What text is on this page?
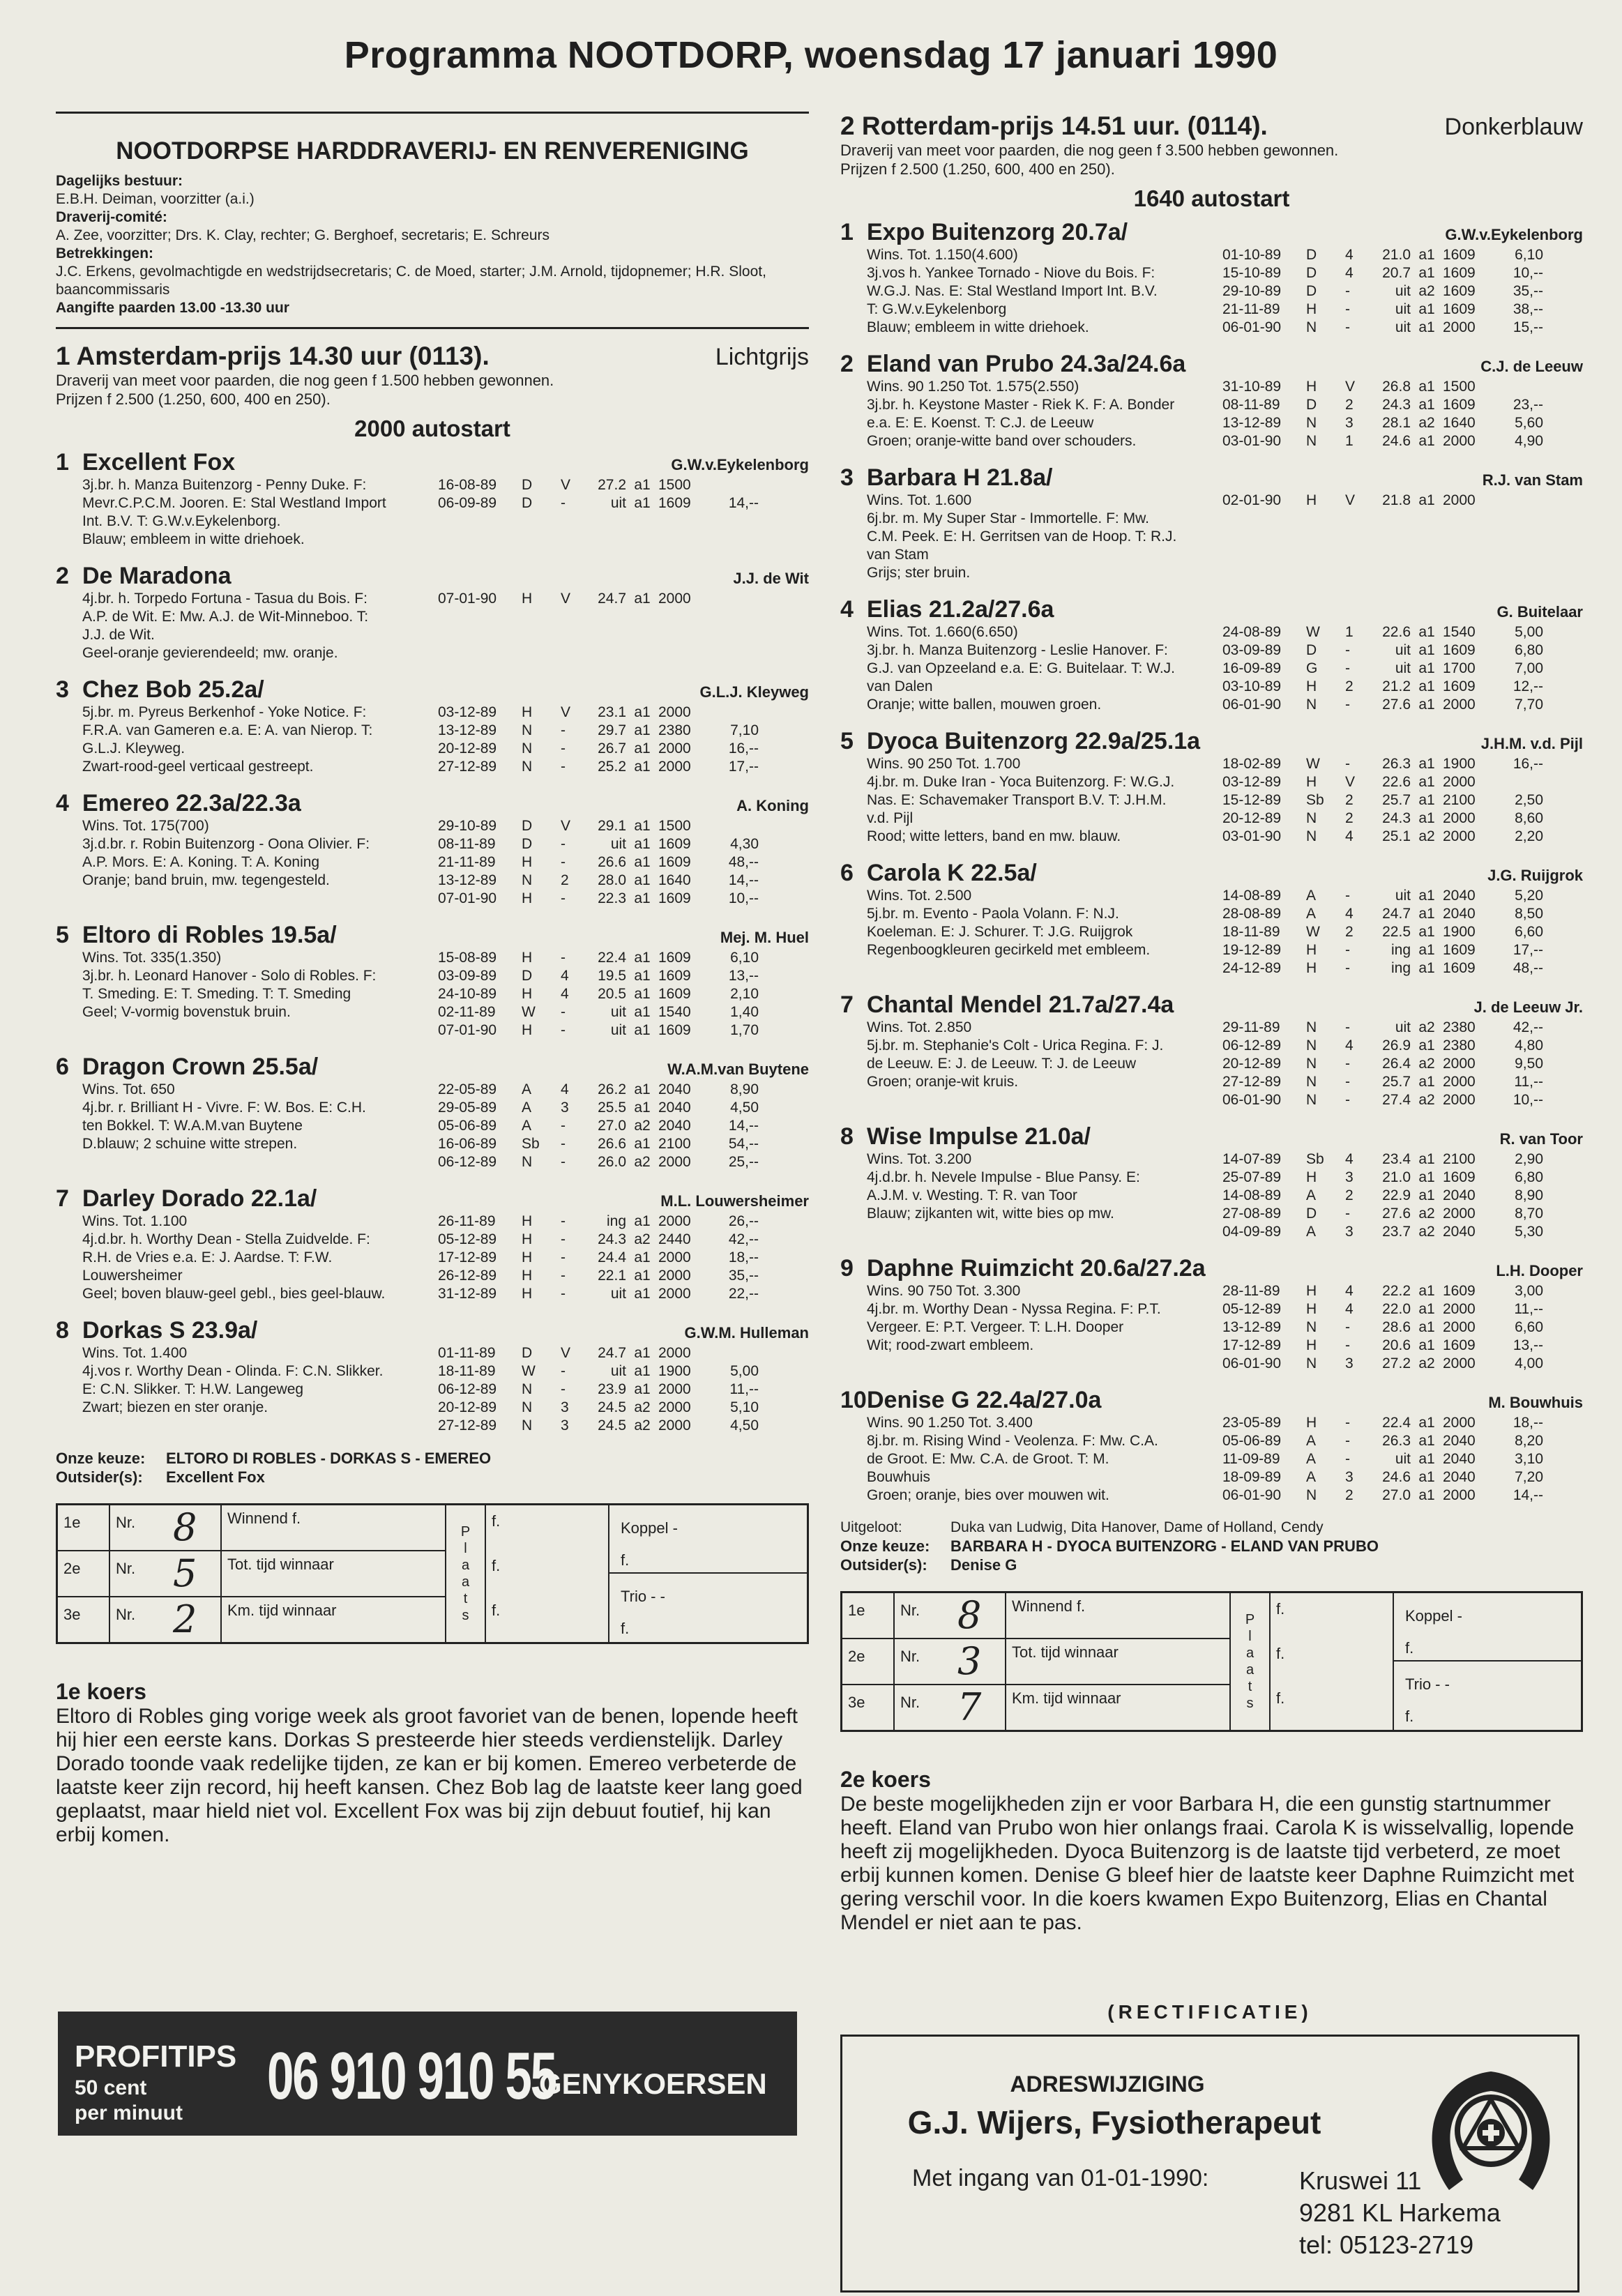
Programma NOOTDORP, woensdag 17 januari 1990
NOOTDORPSE HARDDRAVERIJ- EN RENVERENIGING
Dagelijks bestuur:
E.B.H. Deiman, voorzitter (a.i.)
Draverij-comité:
A. Zee, voorzitter; Drs. K. Clay, rechter; G. Berghoef, secretaris; E. Schreurs
Betrekkingen:
J.C. Erkens, gevolmachtigde en wedstrijdsecretaris; C. de Moed, starter; J.M. Arnold, tijdopnemer; H.R. Sloot, baancommissaris
Aangifte paarden 13.00 -13.30 uur
1 Amsterdam-prijs 14.30 uur (0113).	Lichtgrijs
Draverij van meet voor paarden, die nog geen f 1.500 hebben gewonnen.
Prijzen f 2.500 (1.250, 600, 400 en 250).
2000 autostart
1 Excellent Fox	G.W.v.Eykelenborg
3j.br. h. Manza Buitenzorg - Penny Duke. F:
Mevr.C.P.C.M. Jooren. E: Stal Westland Import
Int. B.V. T: G.W.v.Eykelenborg.
Blauw; embleem in witte driehoek.
16-08-89	D	V	27.2 a1 1500
06-09-89	D	-	uit a1 1609	14,--
2 De Maradona	J.J. de Wit
4j.br. h. Torpedo Fortuna - Tasua du Bois. F:
A.P. de Wit. E: Mw. A.J. de Wit-Minneboo. T:
J.J. de Wit.
Geel-oranje gevierendeeld; mw. oranje.
07-01-90	H	V	24.7 a1 2000
3 Chez Bob 25.2a/	G.L.J. Kleyweg
5j.br. m. Pyreus Berkenhof - Yoke Notice. F:
F.R.A. van Gameren e.a. E: A. van Nierop. T:
G.L.J. Kleyweg.
Zwart-rood-geel verticaal gestreept.
03-12-89	H	V	23.1 a1 2000
13-12-89	N	-	29.7 a1 2380	7,10
20-12-89	N	-	26.7 a1 2000	16,--
27-12-89	N	-	25.2 a1 2000	17,--
4 Emereo 22.3a/22.3a	A. Koning
Wins. Tot. 175(700)
3j.d.br. r. Robin Buitenzorg - Oona Olivier. F:
A.P. Mors. E: A. Koning. T: A. Koning
Oranje; band bruin, mw. tegengesteld.
29-10-89	D	V	29.1 a1 1500
08-11-89	D	-	uit a1 1609	4,30
21-11-89	H	-	26.6 a1 1609	48,--
13-12-89	N	2	28.0 a1 1640	14,--
07-01-90	H	-	22.3 a1 1609	10,--
5 Eltoro di Robles 19.5a/	Mej. M. Huel
Wins. Tot. 335(1.350)
3j.br. h. Leonard Hanover - Solo di Robles. F:
T. Smeding. E: T. Smeding. T: T. Smeding
Geel; V-vormig bovenstuk bruin.
15-08-89	H	-	22.4 a1 1609	6,10
03-09-89	D	4	19.5 a1 1609	13,--
24-10-89	H	4	20.5 a1 1609	2,10
02-11-89	W	-	uit a1 1540	1,40
07-01-90	H	-	uit a1 1609	1,70
6 Dragon Crown 25.5a/	W.A.M.van Buytene
Wins. Tot. 650
4j.br. r. Brilliant H - Vivre. F: W. Bos. E: C.H.
ten Bokkel. T: W.A.M.van Buytene
D.blauw; 2 schuine witte strepen.
22-05-89	A	4	26.2 a1 2040	8,90
29-05-89	A	3	25.5 a1 2040	4,50
05-06-89	A	-	27.0 a2 2040	14,--
16-06-89	Sb	-	26.6 a1 2100	54,--
06-12-89	N	-	26.0 a2 2000	25,--
7 Darley Dorado 22.1a/	M.L. Louwersheimer
Wins. Tot. 1.100
4j.d.br. h. Worthy Dean - Stella Zuidvelde. F:
R.H. de Vries e.a. E: J. Aardse. T: F.W.
Louwersheimer
Geel; boven blauw-geel gebl., bies geel-blauw.
26-11-89	H	-	ing a1 2000	26,--
05-12-89	H	-	24.3 a2 2440	42,--
17-12-89	H	-	24.4 a1 2000	18,--
26-12-89	H	-	22.1 a1 2000	35,--
31-12-89	H	-	uit a1 2000	22,--
8 Dorkas S 23.9a/	G.W.M. Hulleman
Wins. Tot. 1.400
4j.vos r. Worthy Dean - Olinda. F: C.N. Slikker.
E: C.N. Slikker. T: H.W. Langeweg
Zwart; biezen en ster oranje.
01-11-89	D	V	24.7 a1 2000
18-11-89	W	-	uit a1 1900	5,00
06-12-89	N	-	23.9 a1 2000	11,--
20-12-89	N	3	24.5 a2 2000	5,10
27-12-89	N	3	24.5 a2 2000	4,50
Onze keuze: ELTORO DI ROBLES - DORKAS S - EMEREO
Outsider(s): Excellent Fox
1e	Nr. 8	Winnend f.
2e	Nr. 5	Tot. tijd winnaar
3e	Nr. 2	Km. tijd winnaar
P
l
a
a
t
s
f.
f.
f.
Koppel -
f.
Trio - -
f.
1e koers

Eltoro di Robles ging vorige week als groot favoriet van de benen, lopende heeft hij hier een eerste kans. Dorkas S presteerde hier steeds verdienstelijk. Darley Dorado toonde vaak redelijke tijden, ze kan er bij komen. Emereo verbeterde de laatste keer zijn record, hij heeft kansen. Chez Bob lag de laatste keer lang goed geplaatst, maar hield niet vol. Excellent Fox was bij zijn debuut foutief, hij kan erbij komen.

2 Rotterdam-prijs 14.51 uur. (0114).	Donkerblauw
Draverij van meet voor paarden, die nog geen f 3.500 hebben gewonnen.
Prijzen f 2.500 (1.250, 600, 400 en 250).
1640 autostart
1 Expo Buitenzorg 20.7a/	G.W.v.Eykelenborg
Wins. Tot. 1.150(4.600)
3j.vos h. Yankee Tornado - Niove du Bois. F:
W.G.J. Nas. E: Stal Westland Import Int. B.V.
T: G.W.v.Eykelenborg
Blauw; embleem in witte driehoek.
01-10-89	D	4	21.0 a1 1609	6,10
15-10-89	D	4	20.7 a1 1609	10,--
29-10-89	D	-	uit a2 1609	35,--
21-11-89	H	-	uit a1 1609	38,--
06-01-90	N	-	uit a1 2000	15,--
2 Eland van Prubo 24.3a/24.6a	C.J. de Leeuw
Wins. 90 1.250 Tot. 1.575(2.550)
3j.br. h. Keystone Master - Riek K. F: A. Bonder
e.a. E: E. Koenst. T: C.J. de Leeuw
Groen; oranje-witte band over schouders.
31-10-89	H	V	26.8 a1 1500
08-11-89	D	2	24.3 a1 1609	23,--
13-12-89	N	3	28.1 a2 1640	5,60
03-01-90	N	1	24.6 a1 2000	4,90
3 Barbara H 21.8a/	R.J. van Stam
Wins. Tot. 1.600
6j.br. m. My Super Star - Immortelle. F: Mw.
C.M. Peek. E: H. Gerritsen van de Hoop. T: R.J.
van Stam
Grijs; ster bruin.
02-01-90	H	V	21.8 a1 2000
4 Elias 21.2a/27.6a	G. Buitelaar
Wins. Tot. 1.660(6.650)
3j.br. h. Manza Buitenzorg - Leslie Hanover. F:
G.J. van Opzeeland e.a. E: G. Buitelaar. T: W.J.
van Dalen
Oranje; witte ballen, mouwen groen.
24-08-89	W	1	22.6 a1 1540	5,00
03-09-89	D	-	uit a1 1609	6,80
16-09-89	G	-	uit a1 1700	7,00
03-10-89	H	2	21.2 a1 1609	12,--
06-01-90	N	-	27.6 a1 2000	7,70
5 Dyoca Buitenzorg 22.9a/25.1a	J.H.M. v.d. Pijl
Wins. 90 250 Tot. 1.700
4j.br. m. Duke Iran - Yoca Buitenzorg. F: W.G.J.
Nas. E: Schavemaker Transport B.V. T: J.H.M.
v.d. Pijl
Rood; witte letters, band en mw. blauw.
18-02-89	W	-	26.3 a1 1900	16,--
03-12-89	H	V	22.6 a1 2000
15-12-89	Sb	2	25.7 a1 2100	2,50
20-12-89	N	2	24.3 a1 2000	8,60
03-01-90	N	4	25.1 a2 2000	2,20
6 Carola K 22.5a/	J.G. Ruijgrok
Wins. Tot. 2.500
5j.br. m. Evento - Paola Volann. F: N.J.
Koeleman. E: J. Schurer. T: J.G. Ruijgrok
Regenboogkleuren gecirkeld met embleem.
14-08-89	A	-	uit a1 2040	5,20
28-08-89	A	4	24.7 a1 2040	8,50
18-11-89	W	2	22.5 a1 1900	6,60
19-12-89	H	-	ing a1 1609	17,--
24-12-89	H	-	ing a1 1609	48,--
7 Chantal Mendel 21.7a/27.4a	J. de Leeuw Jr.
Wins. Tot. 2.850
5j.br. m. Stephanie's Colt - Urica Regina. F: J.
de Leeuw. E: J. de Leeuw. T: J. de Leeuw
Groen; oranje-wit kruis.
29-11-89	N	-	uit a2 2380	42,--
06-12-89	N	4	26.9 a1 2380	4,80
20-12-89	N	-	26.4 a2 2000	9,50
27-12-89	N	-	25.7 a1 2000	11,--
06-01-90	N	-	27.4 a2 2000	10,--
8 Wise Impulse 21.0a/	R. van Toor
Wins. Tot. 3.200
4j.d.br. h. Nevele Impulse - Blue Pansy. E:
A.J.M. v. Westing. T: R. van Toor
Blauw; zijkanten wit, witte bies op mw.
14-07-89	Sb	4	23.4 a1 2100	2,90
25-07-89	H	3	21.0 a1 1609	6,80
14-08-89	A	2	22.9 a1 2040	8,90
27-08-89	D	-	27.6 a2 2000	8,70
04-09-89	A	3	23.7 a2 2040	5,30
9 Daphne Ruimzicht 20.6a/27.2a	L.H. Dooper
Wins. 90 750 Tot. 3.300
4j.br. m. Worthy Dean - Nyssa Regina. F: P.T.
Vergeer. E: P.T. Vergeer. T: L.H. Dooper
Wit; rood-zwart embleem.
28-11-89	H	4	22.2 a1 1609	3,00
05-12-89	H	4	22.0 a1 2000	11,--
13-12-89	N	-	28.6 a1 2000	6,60
17-12-89	H	-	20.6 a1 1609	13,--
06-01-90	N	3	27.2 a2 2000	4,00
10Denise G 22.4a/27.0a	M. Bouwhuis
Wins. 90 1.250 Tot. 3.400
8j.br. m. Rising Wind - Veolenza. F: Mw. C.A.
de Groot. E: Mw. C.A. de Groot. T: M.
Bouwhuis
Groen; oranje, bies over mouwen wit.
23-05-89	H	-	22.4 a1 2000	18,--
05-06-89	A	-	26.3 a1 2040	8,20
11-09-89	A	-	uit a1 2040	3,10
18-09-89	A	3	24.6 a1 2040	7,20
06-01-90	N	2	27.0 a1 2000	14,--
Uitgeloot:	Duka van Ludwig, Dita Hanover, Dame of Holland, Cendy
Onze keuze: BARBARA H - DYOCA BUITENZORG - ELAND VAN PRUBO
Outsider(s): Denise G
1e	Nr. 8	Winnend f.
2e	Nr. 3	Tot. tijd winnaar
3e	Nr. 7	Km. tijd winnaar
P
l
a
a
t
s
f.
f.
f.
Koppel -
f.
Trio - -
f.
2e koers

De beste mogelijkheden zijn er voor Barbara H, die een gunstig startnummer heeft. Eland van Prubo won hier onlangs fraai. Carola K is wisselvallig, lopende heeft zij mogelijkheden. Dyoca Buitenzorg is de laatste tijd verbeterd, ze moet erbij kunnen komen. Denise G bleef hier de laatste keer Daphne Ruimzicht met gering verschil voor. In die koers kwamen Expo Buitenzorg, Elias en Chantal Mendel er niet aan te pas.

PROFITIPS
50 cent
per minuut 06 910 910 55
GENYKOERSEN
(RECTIFICATIE)
ADRESWIJZIGING
G.J. Wijers, Fysiotherapeut
Met ingang van 01-01-1990:	Kruswei 11
9281 KL Harkema
tel: 05123-2719
